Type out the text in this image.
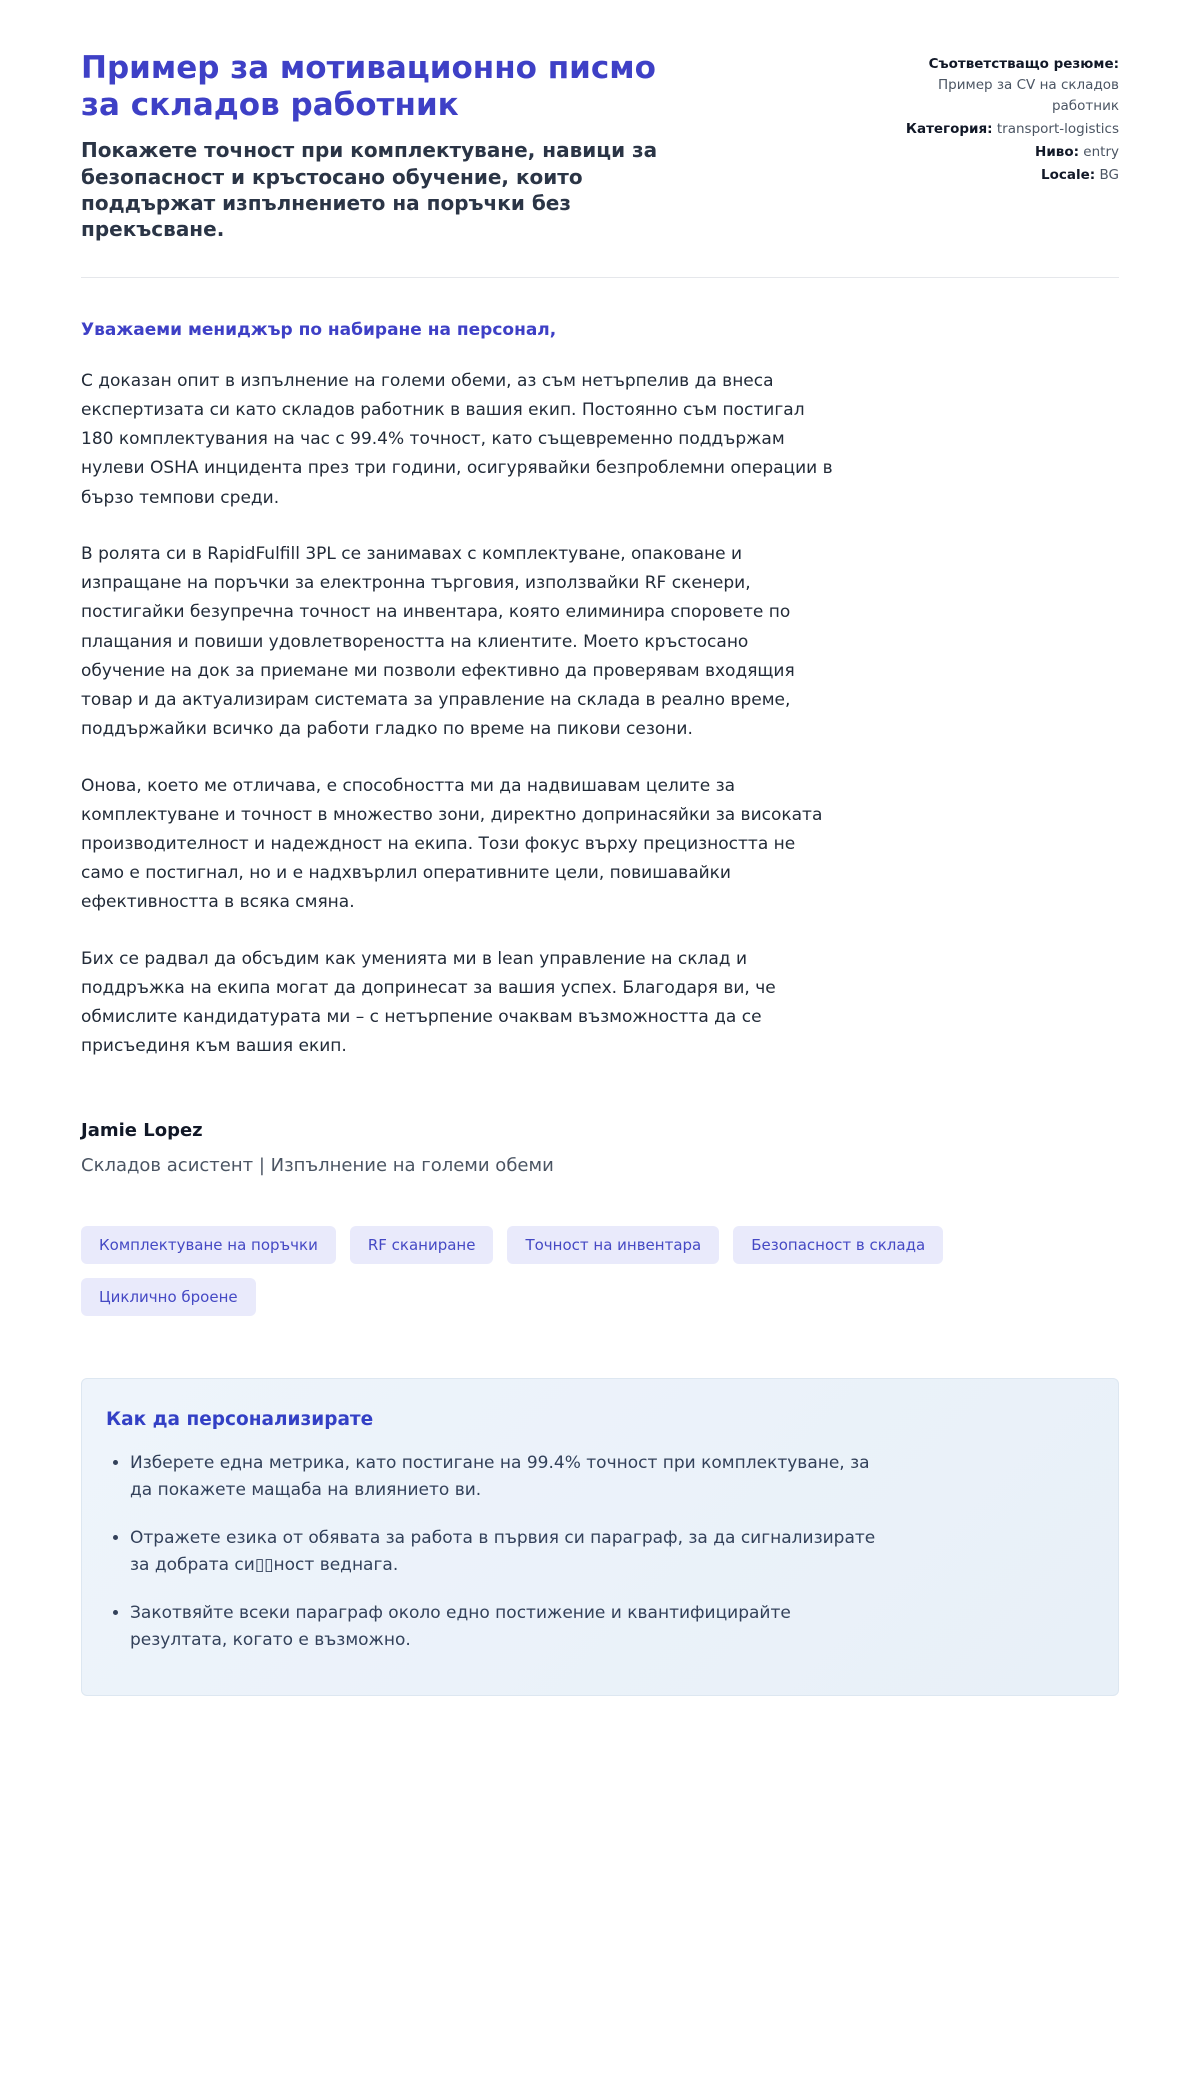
Пример за мотивационно писмо за складов работник

Покажете точност при комплектуване, навици за безопасност и кръстосано обучение, които поддържат изпълнението на поръчки без прекъсване.

Съответстващо резюме: Пример за CV на складов работник
Категория: transport-logistics
Ниво: entry
Locale: BG

Уважаеми мениджър по набиране на персонал,

С доказан опит в изпълнение на големи обеми, аз съм нетърпелив да внеса експертизата си като складов работник в вашия екип. Постоянно съм постигал 180 комплектувания на час с 99.4% точност, като същевременно поддържам нулеви OSHA инцидента през три години, осигурявайки безпроблемни операции в бързо темпови среди.

В ролята си в RapidFulfill 3PL се занимавах с комплектуване, опаковане и изпращане на поръчки за електронна търговия, използвайки RF скенери, постигайки безупречна точност на инвентара, която елиминира споровете по плащания и повиши удовлетвореността на клиентите. Моето кръстосано обучение на док за приемане ми позволи ефективно да проверявам входящия товар и да актуализирам системата за управление на склада в реално време, поддържайки всичко да работи гладко по време на пикови сезони.

Онова, което ме отличава, е способността ми да надвишавам целите за комплектуване и точност в множество зони, директно допринасяйки за високата производителност и надеждност на екипа. Този фокус върху прецизността не само е постигнал, но и е надхвърлил оперативните цели, повишавайки ефективността в всяка смяна.

Бих се радвал да обсъдим как уменията ми в lean управление на склад и поддръжка на екипа могат да допринесат за вашия успех. Благодаря ви, че обмислите кандидатурата ми – с нетърпение очаквам възможността да се присъединя към вашия екип.

Jamie Lopez

Складов асистент | Изпълнение на големи обеми

Комплектуване на поръчки	RF сканиране	Точност на инвентара	Безопасност в склада
Циклично броене
Как да персонализирате
• Изберете една метрика, като постигане на 99.4% точност при комплектуване, за да покажете мащаба на влиянието ви.
• Отражете езика от обявата за работа в първия си параграф, за да сигнализирате за добрата си▯▯ност веднага.
• Закотвяйте всеки параграф около едно постижение и квантифицирайте резултата, когато е възможно.
